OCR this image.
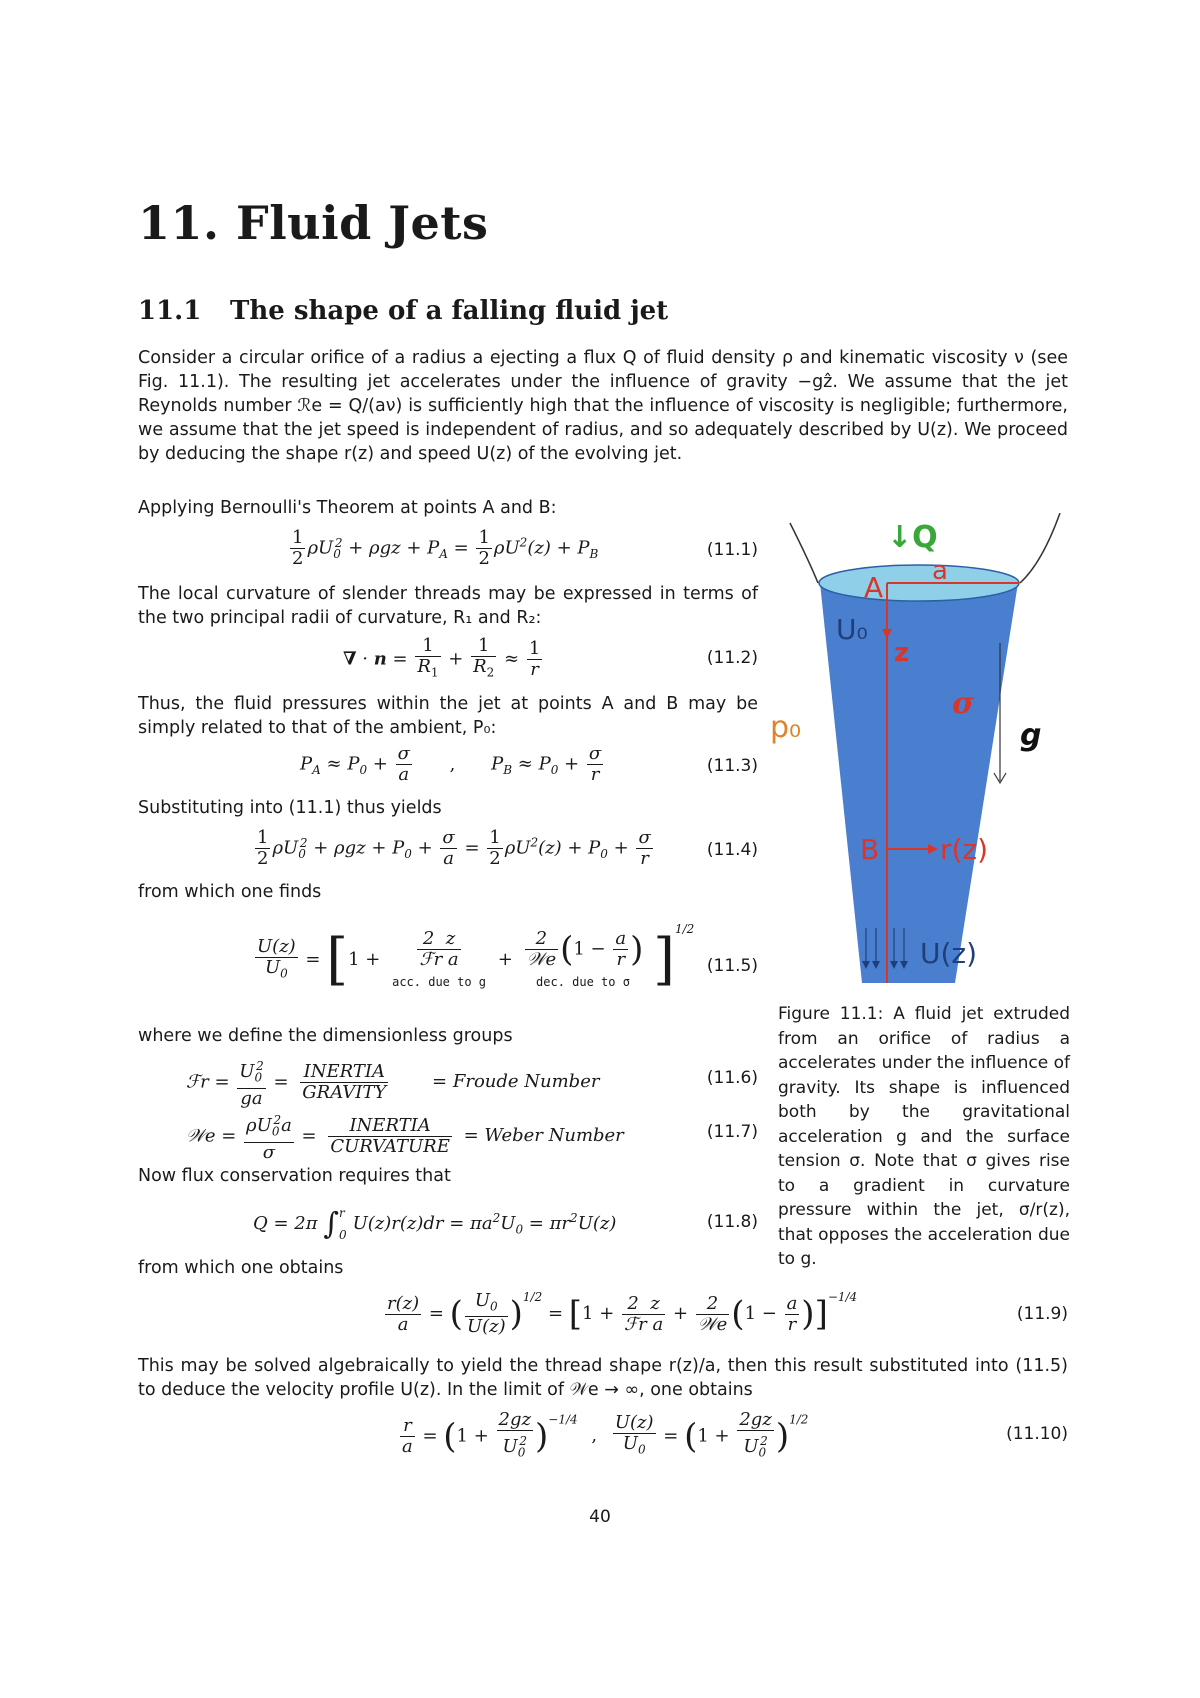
11. Fluid Jets
11.1 The shape of a falling fluid jet
Consider a circular orifice of a radius a ejecting a flux Q of fluid density ρ and kinematic viscosity ν (see Fig. 11.1). The resulting jet accelerates under the influence of gravity −gẑ. We assume that the jet Reynolds number ℛe = Q/(aν) is sufficiently high that the influence of viscosity is negligible; furthermore, we assume that the jet speed is independent of radius, and so adequately described by U(z). We proceed by deducing the shape r(z) and speed U(z) of the evolving jet.
Applying Bernoulli's Theorem at points A and B:
$\frac{1}{2} \rho U_0^2 + \rho gz + P_A = \frac{1}{2} \rho U^2(z) + P_B$	(11.1)
The local curvature of slender threads may be expressed in terms of the two principal radii of curvature, R₁ and R₂:
∇ · $n = \frac{1}{R_1} + \frac{1}{R_2} \approx \frac{1}{r}$	(11.2)
Thus, the fluid pressures within the jet at points A and B may be simply related to that of the ambient, P₀:
$P_A \approx P_0 + \frac{\sigma}{a}$ , $P_B \approx P_0 + \frac{\sigma}{r}$	(11.3)
Substituting into (11.1) thus yields
$\frac{1}{2} \rho U_0^2 + \rho gz + P_0 + \frac{\sigma}{a} = \frac{1}{2} \rho U^2(z) + P_0 + \frac{\sigma}{r}$	(11.4)
from which one finds
$\frac{U(z)}{U_0} = [1 + \frac{2 z}{\text{ℱr a}}$

acc. due to $g + \frac{2}{\text{𝒲e}} (1 - \frac{a}{r}$ )
dec. due to σ ]$^{1/2}$
(11.5)
where we define the dimensionless groups
ℱr = $\frac{U_0^2}{ga} = \frac{\text{INERTIA}}{\text{GRAVITY}}$ = Froude Number	(11.6)
𝒲e = $\frac{\rho U_0^2a}{\sigma} = \frac{\text{INERTIA}}{\text{CURVATURE}}$ = Weber Number	(11.7)
Now flux conservation requires that
Q = 2π ∫r
$0U(z)r(z)dr = \pi a^2U_0 = \pi r^2U(z)$	(11.8)
from which one obtains
$\frac{r(z)}{a}$ = ( $\frac{U_0}{U(z)} )^{1/2} = [1 + \frac{2 z}{\text{ℱr a}} + \frac{2}{\text{𝒲e}} (1 - \frac{a}{r} )]^{-1/4}$
(11.9)
This may be solved algebraically to yield the thread shape r(z)/a, then this result substituted into (11.5) to deduce the velocity profile U(z). In the limit of 𝒲e → ∞, one obtains
$\frac{r}{a} = (1 + \frac{2gz}{U_0^2} )^{-1/4}$ , $\frac{U(z)}{U_0} = (1 + \frac{2gz}{U_0^2} )^{1/2}$
(11.10)
↓Q
A a
U₀
z
σ
p₀	g
B r(z)
U(z)
Figure 11.1: A fluid jet extruded from an orifice of radius a accelerates under the influence of gravity. Its shape is influenced both by the gravitational acceleration g and the surface tension σ. Note that σ gives rise to a gradient in curvature pressure within the jet, σ/r(z), that opposes the acceleration due to g.
40
